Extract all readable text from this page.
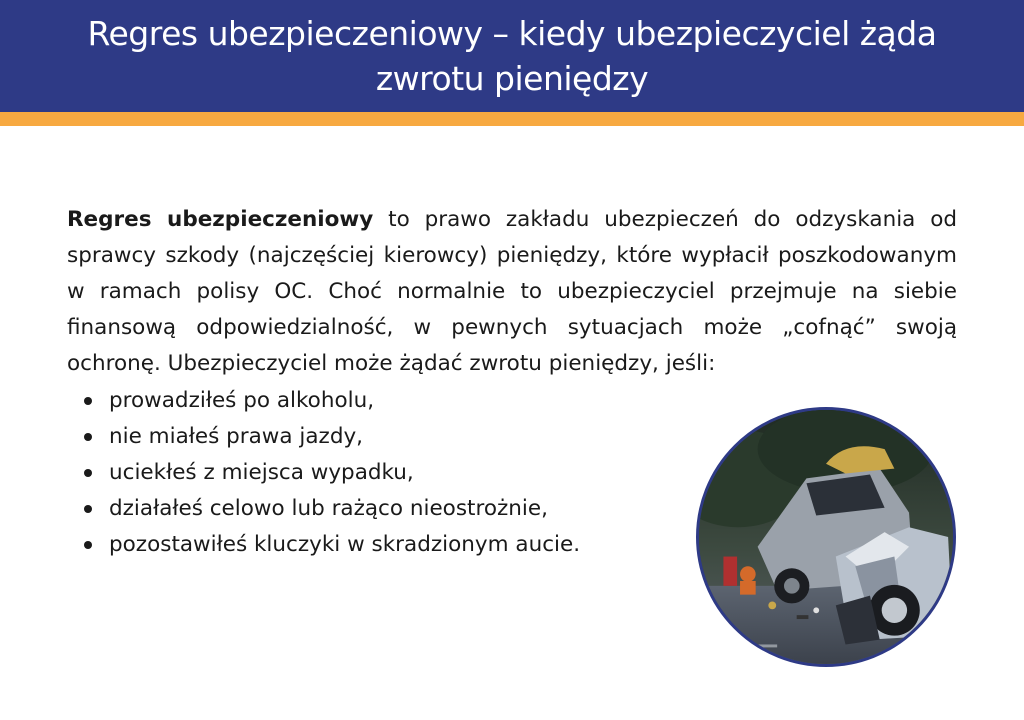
Regres ubezpieczeniowy – kiedy ubezpieczyciel żąda zwrotu pieniędzy

Regres ubezpieczeniowy to prawo zakładu ubezpieczeń do odzyskania od sprawcy szkody (najczęściej kierowcy) pieniędzy, które wypłacił poszkodowanym w ramach polisy OC. Choć normalnie to ubezpieczyciel przejmuje na siebie finansową odpowiedzialność, w pewnych sytuacjach może „cofnąć” swoją ochronę. Ubezpieczyciel może żądać zwrotu pieniędzy, jeśli:

prowadziłeś po alkoholu,
nie miałeś prawa jazdy,
uciekłeś z miejsca wypadku,
działałeś celowo lub rażąco nieostrożnie,
pozostawiłeś kluczyki w skradzionym aucie.
